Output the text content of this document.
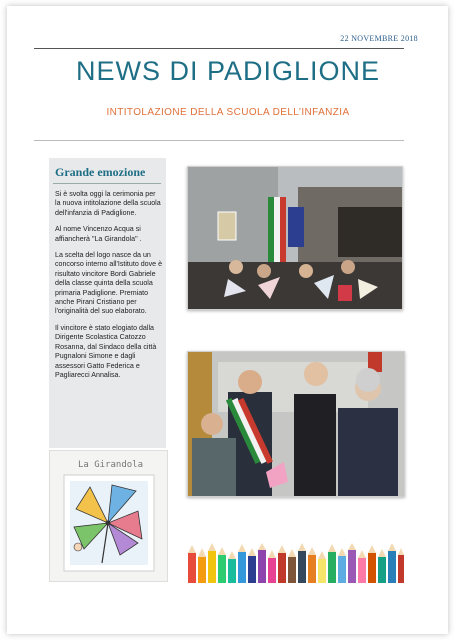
22 NOVEMBRE 2018
NEWS DI PADIGLIONE
INTITOLAZIONE DELLA SCUOLA DELL’INFANZIA
Grande emozione

Si è svolta oggi la cerimonia per la nuova intitolazione della scuola dell'infanzia di Padiglione.

Al nome Vincenzo Acqua si affiancherà "La Girandola" .

La scelta del logo nasce da un concorso interno all'Istituto dove è risultato vincitore Bordi Gabriele della classe quinta della scuola primaria Padiglione. Premiato anche Pirani Cristiano per l'originalità del suo elaborato.

Il vincitore è stato elogiato dalla Dirigente Scolastica Catozzo Rosanna, dal Sindaco della città Pugnaloni Simone e dagli assessori Gatto Federica e Pagliarecci Annalisa.

La Girandola
